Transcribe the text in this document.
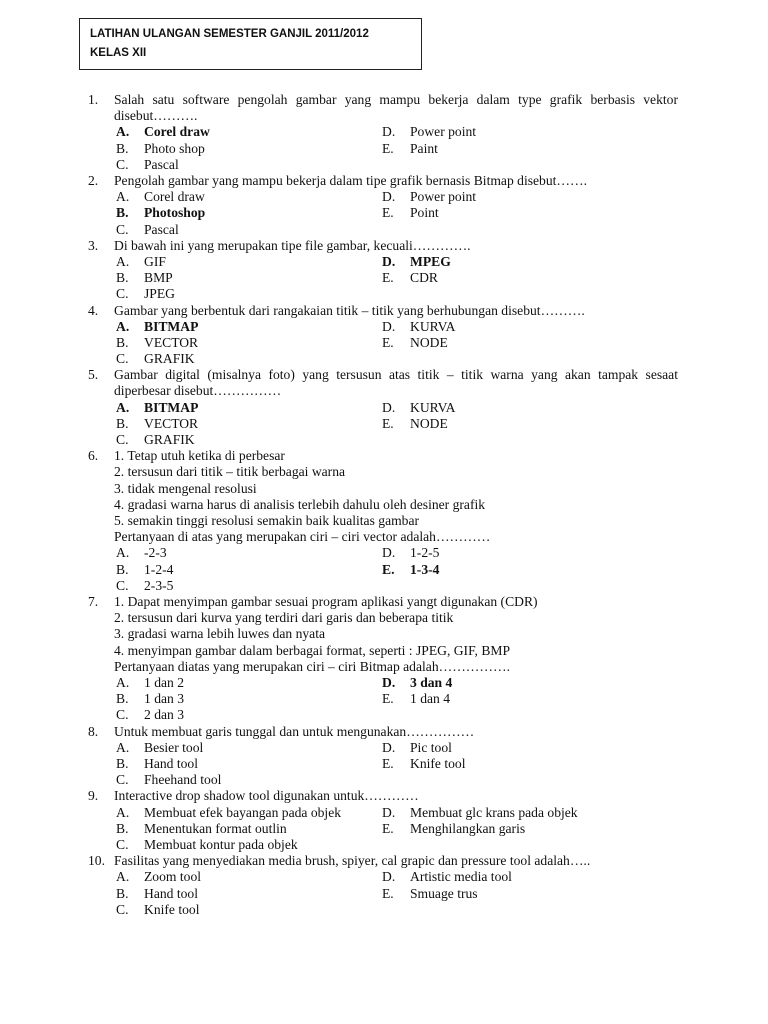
LATIHAN ULANGAN SEMESTER GANJIL 2011/2012
KELAS XII
1.	Salah satu software pengolah gambar yang mampu bekerja dalam type grafik berbasis vektor disebut……….
A.	Corel draw	D.	Power point
B.	Photo shop	E.	Paint
C.	Pascal
2.	Pengolah gambar yang mampu bekerja dalam tipe grafik bernasis Bitmap disebut…….
A.	Corel draw	D.	Power point
B.	Photoshop	E.	Point
C.	Pascal
3.	Di bawah ini yang merupakan tipe file gambar, kecuali………….
A.	GIF	D.	MPEG
B.	BMP	E.	CDR
C.	JPEG
4.	Gambar yang berbentuk dari rangakaian titik – titik yang berhubungan disebut……….
A.	BITMAP	D.	KURVA
B.	VECTOR	E.	NODE
C.	GRAFIK
5.	Gambar digital (misalnya foto) yang tersusun atas titik – titik warna yang akan tampak sesaat diperbesar disebut……………
A.	BITMAP	D.	KURVA
B.	VECTOR	E.	NODE
C.	GRAFIK
6.	1. Tetap utuh ketika di perbesar
2. tersusun dari titik – titik berbagai warna
3. tidak mengenal resolusi
4. gradasi warna harus di analisis terlebih dahulu oleh desiner grafik
5. semakin tinggi resolusi semakin baik kualitas gambar
Pertanyaan di atas yang merupakan ciri – ciri vector adalah…………
A.	-2-3	D.	1-2-5
B.	1-2-4	E.	1-3-4
C.	2-3-5
7.	1. Dapat menyimpan gambar sesuai program aplikasi yangt digunakan (CDR)
2. tersusun dari kurva yang terdiri dari garis dan beberapa titik
3. gradasi warna lebih luwes dan nyata
4. menyimpan gambar dalam berbagai format, seperti : JPEG, GIF, BMP
Pertanyaan diatas yang merupakan ciri – ciri Bitmap adalah…………….
A.	1 dan 2	D.	3 dan 4
B.	1 dan 3	E.	1 dan 4
C.	2 dan 3
8.	Untuk membuat garis tunggal dan untuk mengunakan……………
A.	Besier tool	D.	Pic tool
B.	Hand tool	E.	Knife tool
C.	Fheehand tool
9.	Interactive drop shadow tool digunakan untuk…………
A.	Membuat efek bayangan pada objek	D.	Membuat glc krans pada objek
B.	Menentukan format outlin	E.	Menghilangkan garis
C.	Membuat kontur pada objek
10. Fasilitas yang menyediakan media brush, spiyer, cal grapic dan pressure tool adalah…..
A.	Zoom tool	D.	Artistic media tool
B.	Hand tool	E.	Smuage trus
C.	Knife tool
